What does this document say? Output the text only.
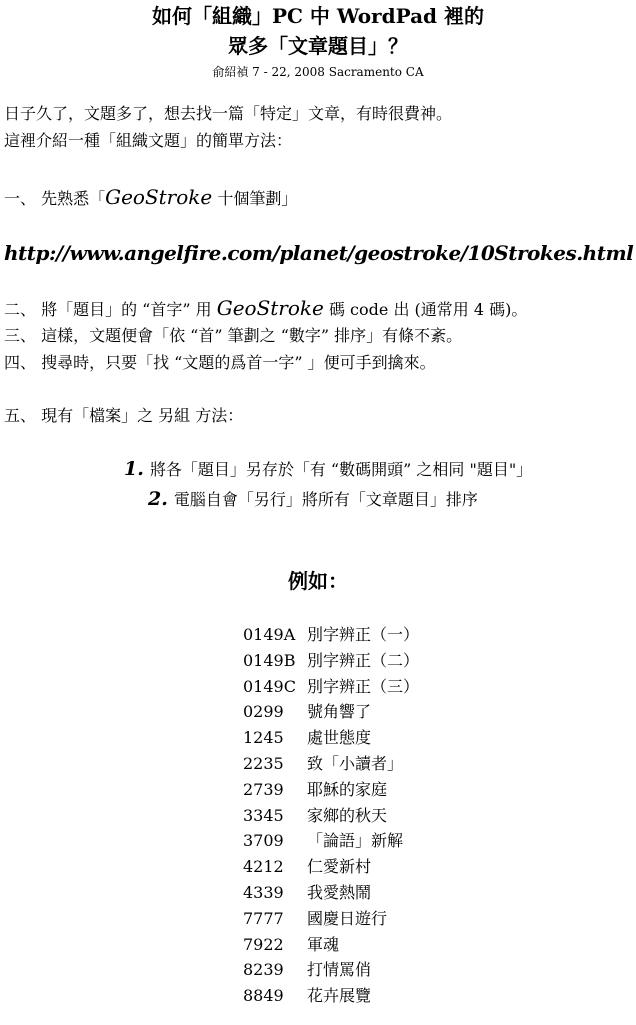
如何「組織」PC 中 WordPad 裡的
眾多「文章題目」？
俞紹禎 7 - 22, 2008 Sacramento CA
日子久了，文題多了，想去找一篇「特定」文章，有時很費神。
這裡介紹一種「組織文題」的簡單方法：
一、 先熟悉「GeoStroke 十個筆劃」
http://www.angelfire.com/planet/geostroke/10Strokes.html
二、 將「題目」的 “首字” 用 GeoStroke 碼 code 出 (通常用 4 碼)。
三、 這樣，文題便會「依 “首” 筆劃之 “數字” 排序」有條不紊。
四、 搜尋時，只要「找 “文題的爲首一字” 」便可手到擒來。
五、 現有「檔案」之 另組 方法：
1. 將各「題目」另存於「有 “數碼開頭” 之相同 "題目"」
2. 電腦自會「另行」將所有「文章題目」排序
例如：
0149A 別字辨正（一）
0149B 別字辨正（二）
0149C 別字辨正（三）
0299	號角響了
1245	處世態度
2235	致「小讀者」
2739	耶穌的家庭
3345	家鄉的秋天
3709	「論語」新解
4212	仁愛新村
4339	我愛熱鬧
7777	國慶日遊行
7922	軍魂
8239	打情罵俏
8849	花卉展覽
